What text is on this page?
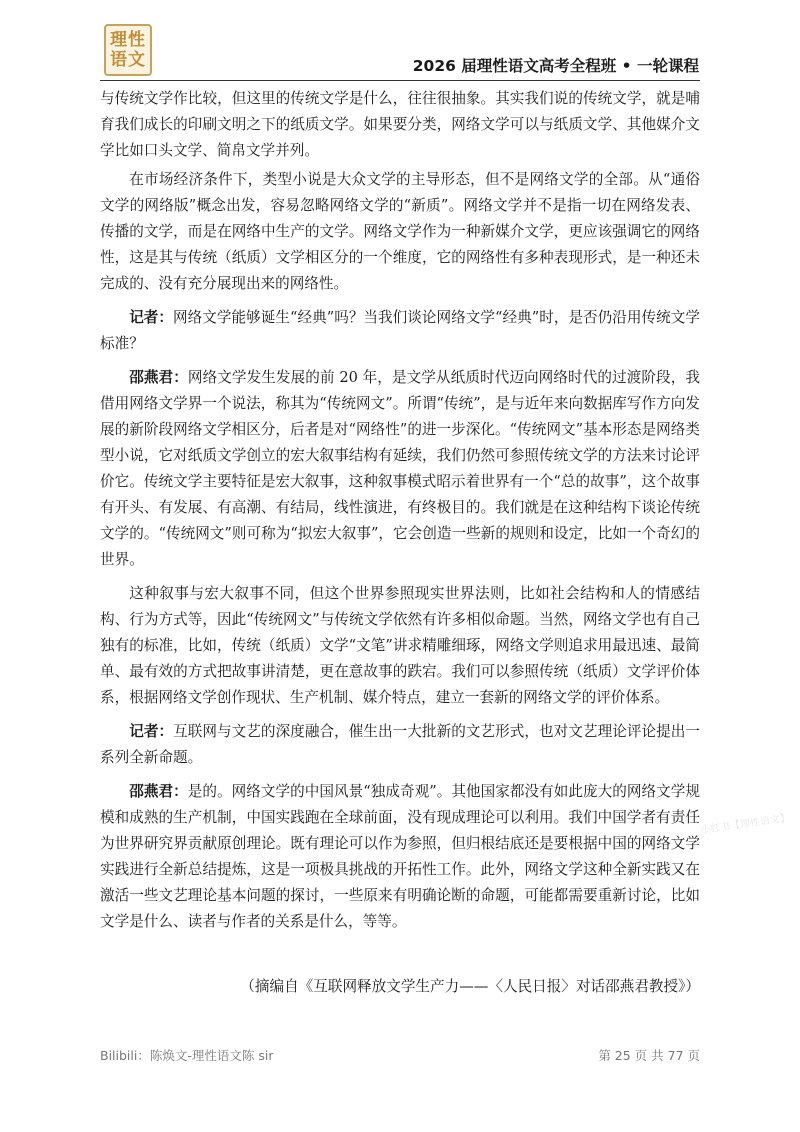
理性
语文	2026 届理性语文高考全程班 • 一轮课程

与传统文学作比较，但这里的传统文学是什么，往往很抽象。其实我们说的传统文学，就是哺育我们成长的印刷文明之下的纸质文学。如果要分类，网络文学可以与纸质文学、其他媒介文学比如口头文学、简帛文学并列。

在市场经济条件下，类型小说是大众文学的主导形态，但不是网络文学的全部。从“通俗文学的网络版”概念出发，容易忽略网络文学的“新质”。网络文学并不是指一切在网络发表、传播的文学，而是在网络中生产的文学。网络文学作为一种新媒介文学，更应该强调它的网络性，这是其与传统（纸质）文学相区分的一个维度，它的网络性有多种表现形式，是一种还未完成的、没有充分展现出来的网络性。

记者：网络文学能够诞生“经典”吗？当我们谈论网络文学“经典”时，是否仍沿用传统文学标准？

邵燕君：网络文学发生发展的前 20 年，是文学从纸质时代迈向网络时代的过渡阶段，我借用网络文学界一个说法，称其为“传统网文”。所谓“传统”，是与近年来向数据库写作方向发展的新阶段网络文学相区分，后者是对“网络性”的进一步深化。“传统网文”基本形态是网络类型小说，它对纸质文学创立的宏大叙事结构有延续，我们仍然可参照传统文学的方法来讨论评价它。传统文学主要特征是宏大叙事，这种叙事模式昭示着世界有一个“总的故事”，这个故事有开头、有发展、有高潮、有结局，线性演进，有终极目的。我们就是在这种结构下谈论传统文学的。“传统网文”则可称为“拟宏大叙事”，它会创造一些新的规则和设定，比如一个奇幻的世界。

这种叙事与宏大叙事不同，但这个世界参照现实世界法则，比如社会结构和人的情感结构、行为方式等，因此“传统网文”与传统文学依然有许多相似命题。当然，网络文学也有自己独有的标准，比如，传统（纸质）文学“文笔”讲求精雕细琢，网络文学则追求用最迅速、最简单、最有效的方式把故事讲清楚，更在意故事的跌宕。我们可以参照传统（纸质）文学评价体系，根据网络文学创作现状、生产机制、媒介特点，建立一套新的网络文学的评价体系。

记者：互联网与文艺的深度融合，催生出一大批新的文艺形式，也对文艺理论评论提出一系列全新命题。

邵燕君：是的。网络文学的中国风景“独成奇观”。其他国家都没有如此庞大的网络文学规模和成熟的生产机制，中国实践跑在全球前面，没有现成理论可以利用。我们中国学者有责任为世界研究界贡献原创理论。既有理论可以作为参照，但归根结底还是要根据中国的网络文学实践进行全新总结提炼，这是一项极具挑战的开拓性工作。此外，网络文学这种全新实践又在激活一些文艺理论基本问题的探讨，一些原来有明确论断的命题，可能都需要重新讨论，比如文学是什么、读者与作者的关系是什么，等等。

（摘编自《互联网释放文学生产力——〈人民日报〉对话邵燕君教授》）
小红书【理性语文】
Bilibili：陈焕文-理性语文陈 sir	第 25 页 共 77 页
